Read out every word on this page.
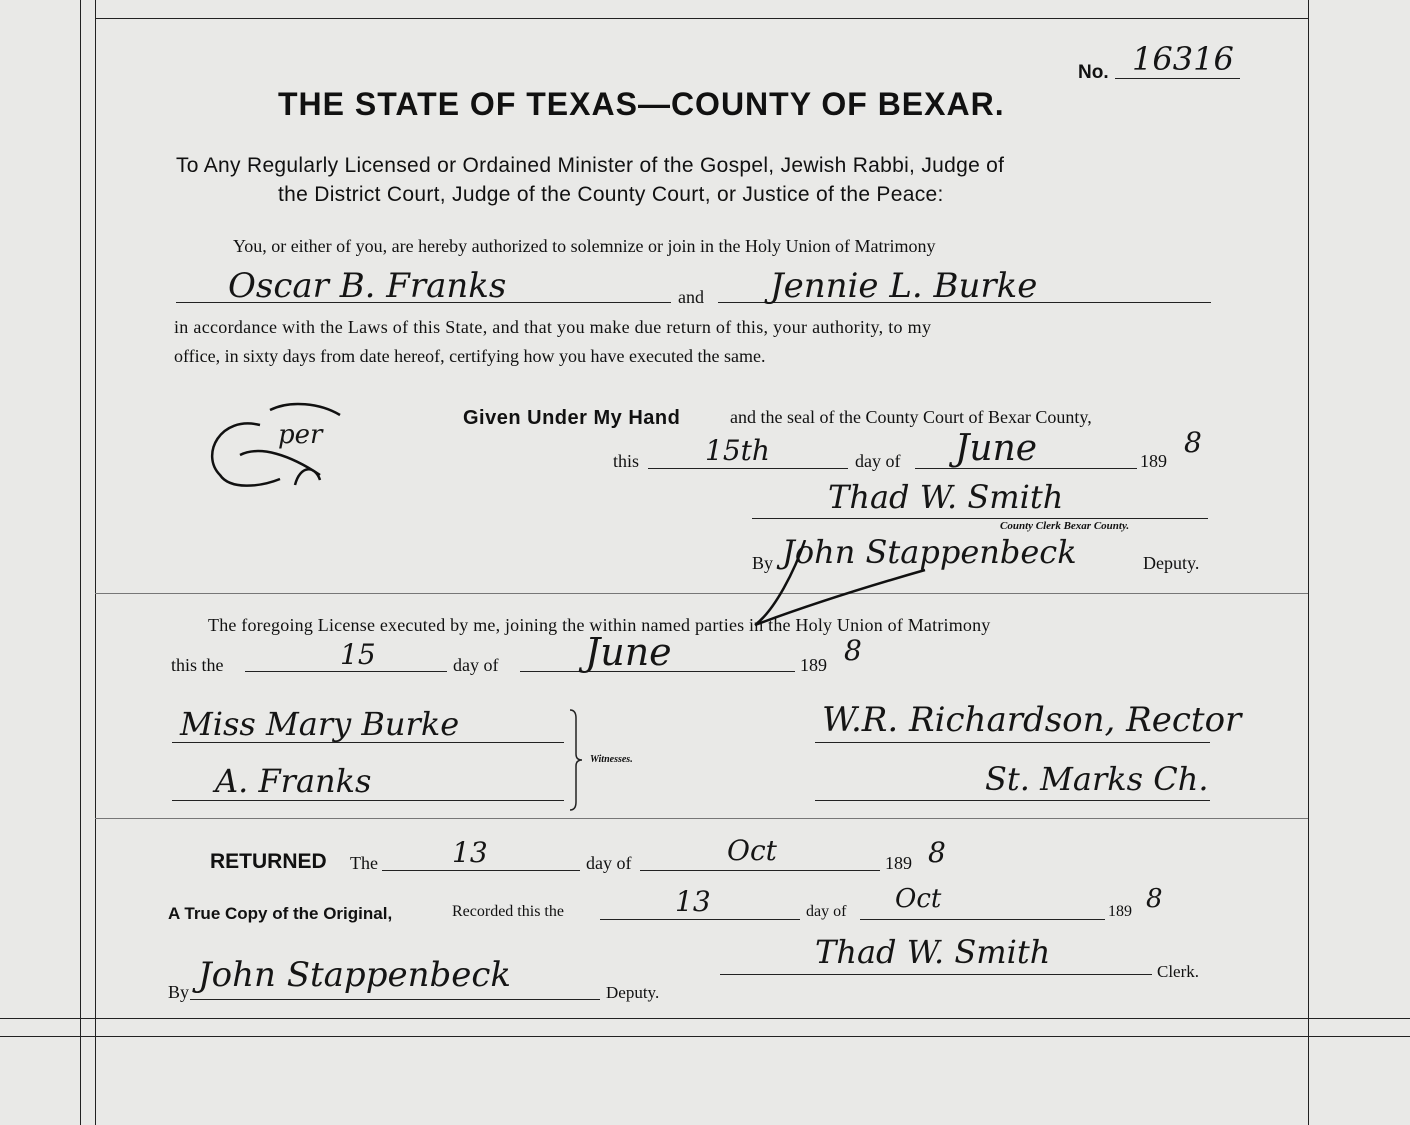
No. 16316
THE STATE OF TEXAS—COUNTY OF BEXAR.
To Any Regularly Licensed or Ordained Minister of the Gospel, Jewish Rabbi, Judge of
the District Court, Judge of the County Court, or Justice of the Peace:
You, or either of you, are hereby authorized to solemnize or join in the Holy Union of Matrimony
Oscar B. Franks	and Jennie L. Burke
in accordance with the Laws of this State, and that you make due return of this, your authority, to my
office, in sixty days from date hereof, certifying how you have executed the same.
per
Given Under My Hand	and the seal of the County Court of Bexar County,
this 15th	day of June	189
8
Thad W. Smith
County Clerk Bexar County.
By John Stappenbeck	Deputy.
The foregoing License executed by me, joining the within named parties in the Holy Union of Matrimony
this the	15	day of June	189 8
Miss Mary Burke
A. Franks
Witnesses.
W.R. Richardson, Rector
St. Marks Ch.
RETURNED The	13	day of	Oct	189 8
A True Copy of the Original,	Recorded this the	13	day of Oct	189 8
By John Stappenbeck	Deputy.
Thad W. Smith
Clerk.
